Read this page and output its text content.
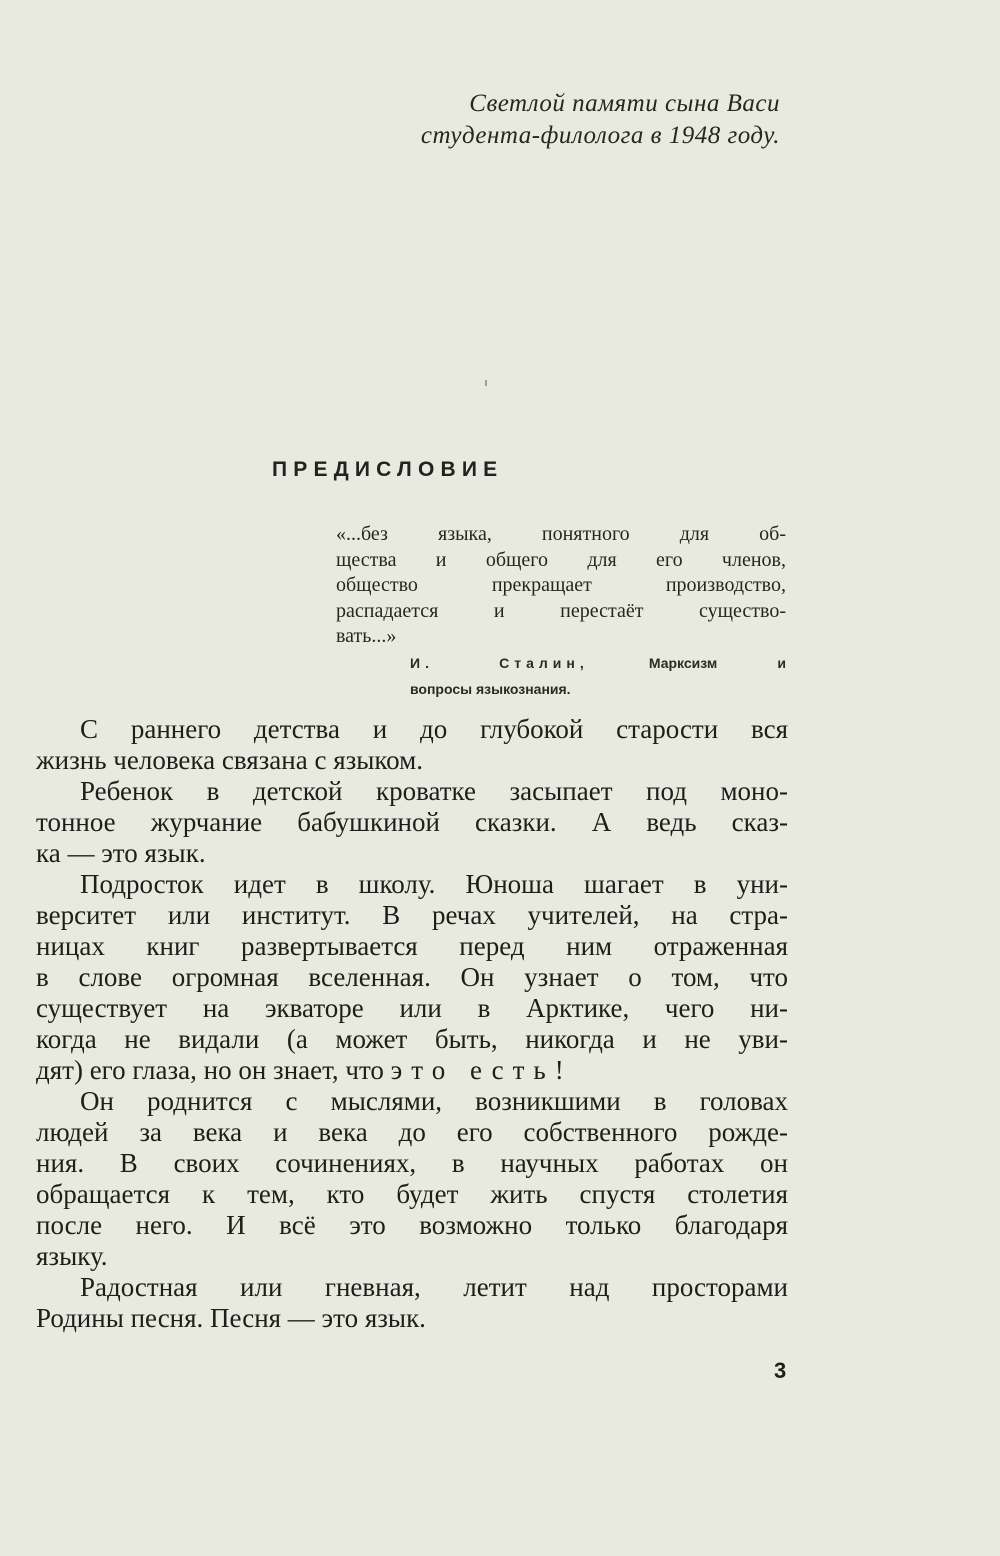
Светлой памяти сына Васи
студента-филолога в 1948 году.
ПРЕДИСЛОВИЕ
«...без языка, понятного для об-
щества и общего для его членов,
общество прекращает производство,
распадается и перестаёт существо-
вать...»
И. Сталин,	Марксизм и
вопросы языкознания.
С раннего детства и до глубокой старости вся
жизнь человека связана с языком.
Ребенок в детской кроватке засыпает под моно-
тонное журчание бабушкиной сказки. А ведь сказ-
ка — это язык.
Подросток идет в школу. Юноша шагает в уни-
верситет или институт. В речах учителей, на стра-
ницах книг развертывается перед ним отраженная
в слове огромная вселенная. Он узнает о том, что
существует на экваторе или в Арктике, чего ни-
когда не видали (а может быть, никогда и не уви-
дят) его глаза, но он знает, что это есть!
Он роднится с мыслями, возникшими в головах
людей за века и века до его собственного рожде-
ния. В своих сочинениях, в научных работах он
обращается к тем, кто будет жить спустя столетия
после него. И всё это возможно только благодаря
языку.
Радостная или гневная, летит над просторами
Родины песня. Песня — это язык.
3
